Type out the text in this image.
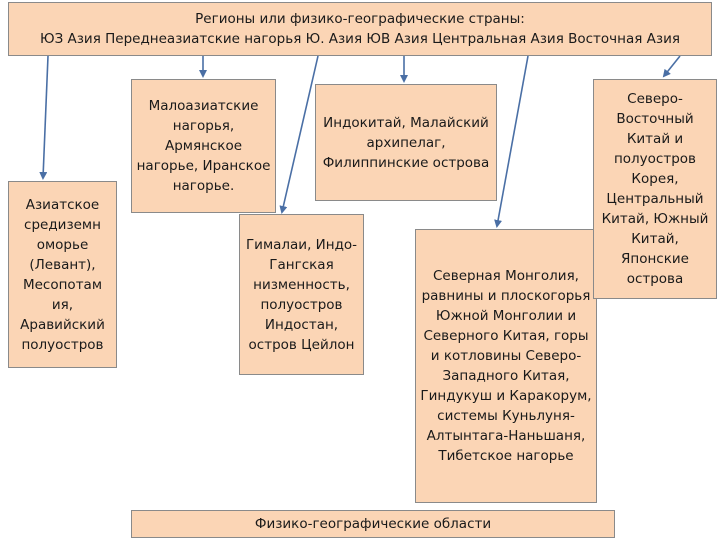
Регионы или физико-географические страны:
ЮЗ Азия Переднеазиатские нагорья Ю. Азия ЮВ Азия Центральная Азия Восточная Азия
Азиатское средиземн оморье (Левант), Месопотам ия, Аравийский полуостров
Малоазиатские нагорья, Армянское нагорье, Иранское нагорье.
Гималаи, Индо-Гангская низменность, полуостров Индостан, остров Цейлон
Индокитай, Малайский архипелаг, Филиппинские острова
Северная Монголия, равнины и плоскогорья Южной Монголии и Северного Китая, горы и котловины Северо-Западного Китая, Гиндукуш и Каракорум, системы Куньлуня-Алтынтага-Наньшаня, Тибетское нагорье
Северо-Восточный Китай и полуостров Корея, Центральный Китай, Южный Китай, Японские острова
Физико-географические области
